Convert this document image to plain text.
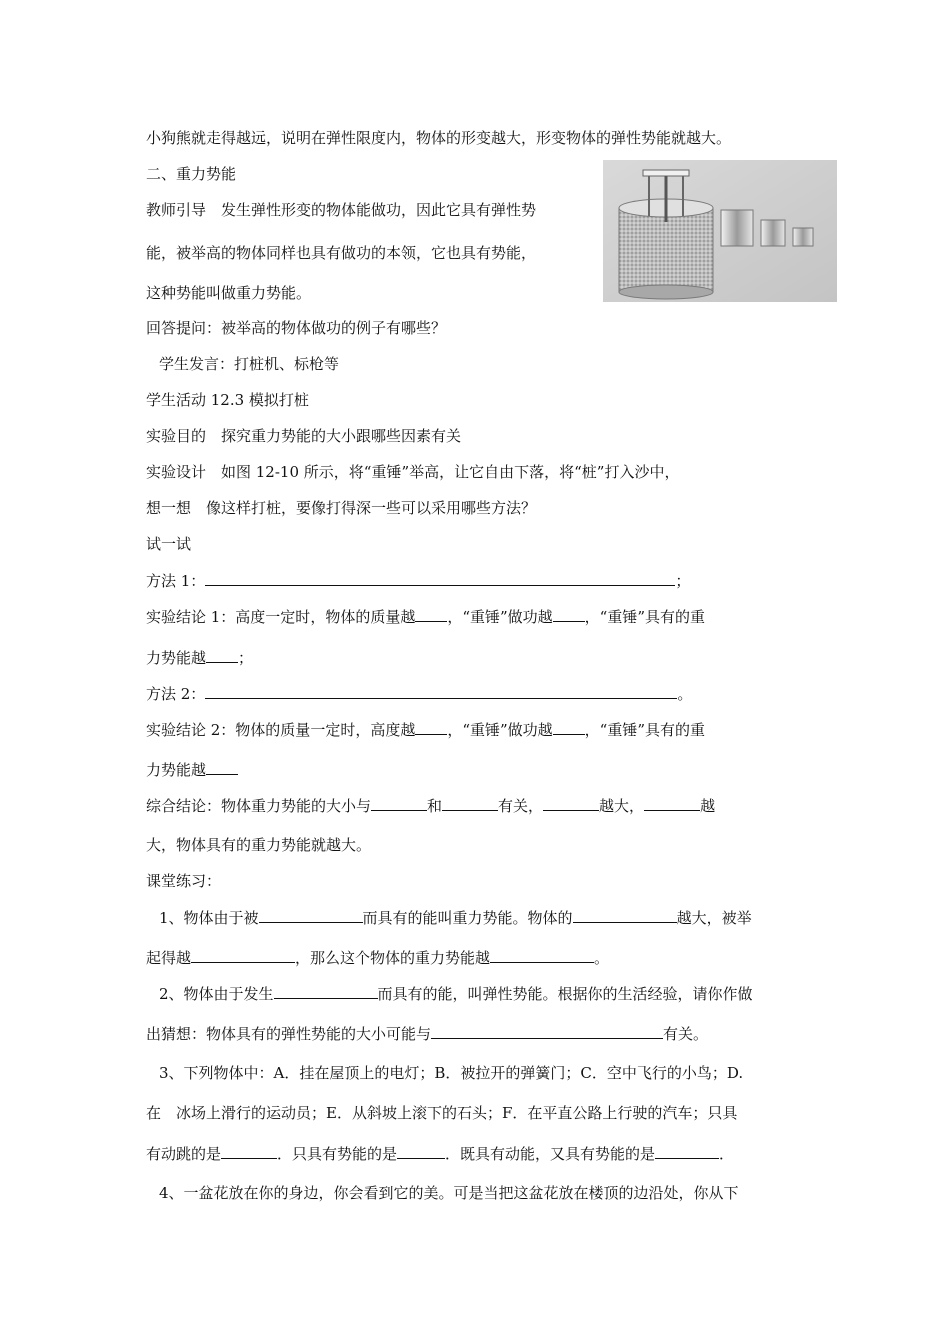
小狗熊就走得越远，说明在弹性限度内，物体的形变越大，形变物体的弹性势能就越大。
二、重力势能
教师引导　发生弹性形变的物体能做功，因此它具有弹性势
能，被举高的物体同样也具有做功的本领，它也具有势能，
这种势能叫做重力势能。
回答提问：被举高的物体做功的例子有哪些？
学生发言：打桩机、标枪等
学生活动 12.3 模拟打桩
实验目的　探究重力势能的大小跟哪些因素有关
实验设计　如图 12-10 所示，将“重锤”举高，让它自由下落，将“桩”打入沙中，
想一想　像这样打桩，要像打得深一些可以采用哪些方法？
试一试
方法 1：	；
实验结论 1：高度一定时，物体的质量越 ，“重锤”做功越 ，“重锤”具有的重
力势能越 ；
方法 2：	。
实验结论 2：物体的质量一定时，高度越 ，“重锤”做功越 ，“重锤”具有的重
力势能越
综合结论：物体重力势能的大小与	和	有关，	越大，	越
大，物体具有的重力势能就越大。
课堂练习：
1、物体由于被	而具有的能叫重力势能。物体的	越大，被举
起得越	，那么这个物体的重力势能越	。
2、物体由于发生	而具有的能，叫弹性势能。根据你的生活经验，请你作做
出猜想：物体具有的弹性势能的大小可能与	有关。
3、下列物体中：A．挂在屋顶上的电灯；B．被拉开的弹簧门；C．空中飞行的小鸟；D.
在　冰场上滑行的运动员；E．从斜坡上滚下的石头；F．在平直公路上行驶的汽车；只具
有动跳的是	．只具有势能的是	．既具有动能，又具有势能的是	．
4、一盆花放在你的身边，你会看到它的美。可是当把这盆花放在楼顶的边沿处，你从下
